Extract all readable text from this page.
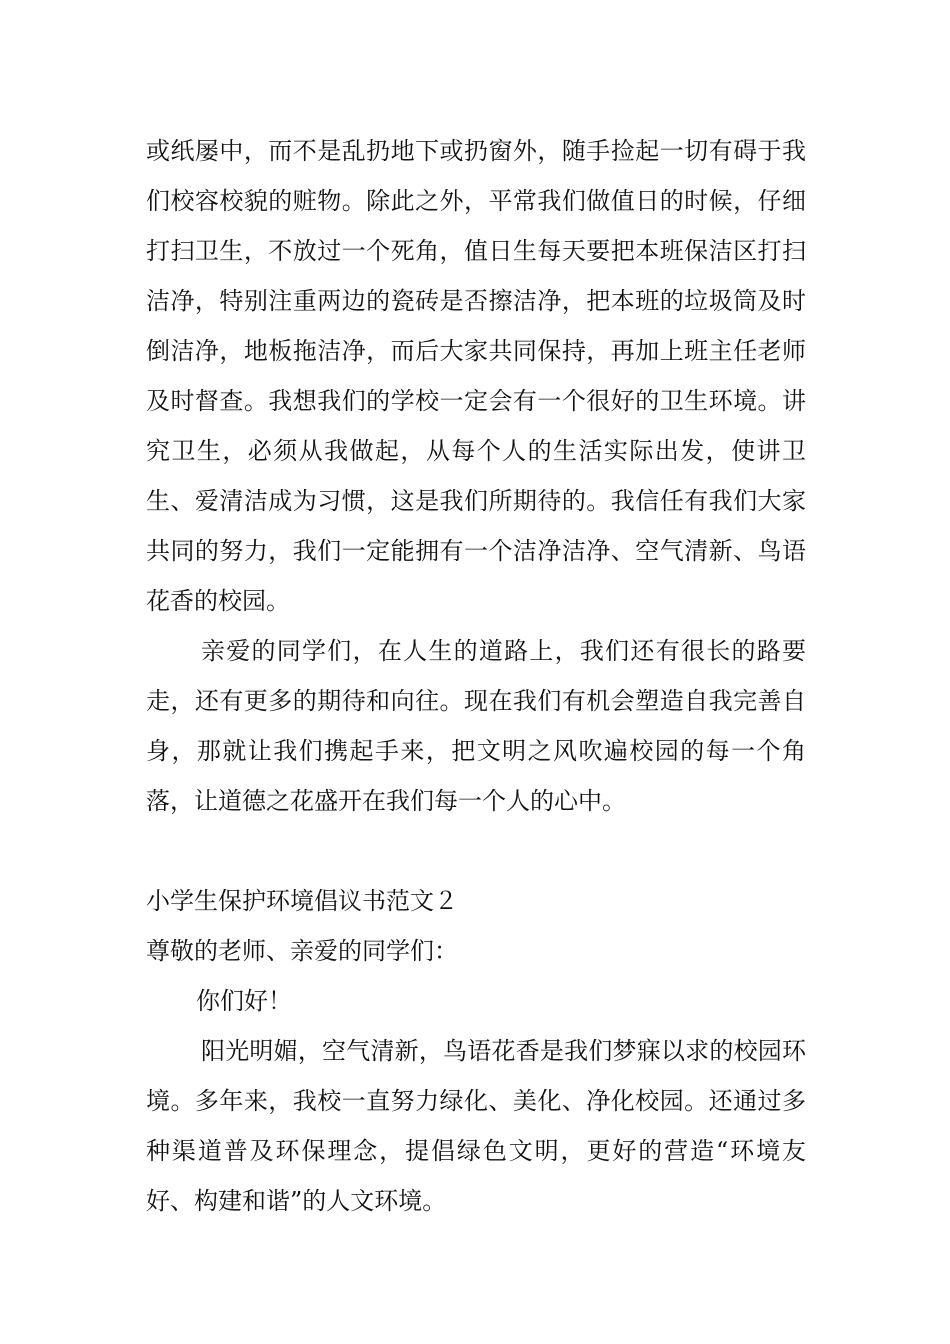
或纸屡中，而不是乱扔地下或扔窗外，随手捡起一切有碍于我们校容校貌的赃物。除此之外，平常我们做值日的时候，仔细打扫卫生，不放过一个死角，值日生每天要把本班保洁区打扫洁净，特别注重两边的瓷砖是否擦洁净，把本班的垃圾筒及时倒洁净，地板拖洁净，而后大家共同保持，再加上班主任老师及时督查。我想我们的学校一定会有一个很好的卫生环境。讲究卫生，必须从我做起，从每个人的生活实际出发，使讲卫生、爱清洁成为习惯，这是我们所期待的。我信任有我们大家共同的努力，我们一定能拥有一个洁净洁净、空气清新、鸟语花香的校园。

亲爱的同学们，在人生的道路上，我们还有很长的路要走，还有更多的期待和向往。现在我们有机会塑造自我完善自身，那就让我们携起手来，把文明之风吹遍校园的每一个角落，让道德之花盛开在我们每一个人的心中。

小学生保护环境倡议书范文２

尊敬的老师、亲爱的同学们：

你们好！

阳光明媚，空气清新，鸟语花香是我们梦寐以求的校园环境。多年来，我校一直努力绿化、美化、净化校园。还通过多种渠道普及环保理念，提倡绿色文明，更好的营造“环境友好、构建和谐”的人文环境。
